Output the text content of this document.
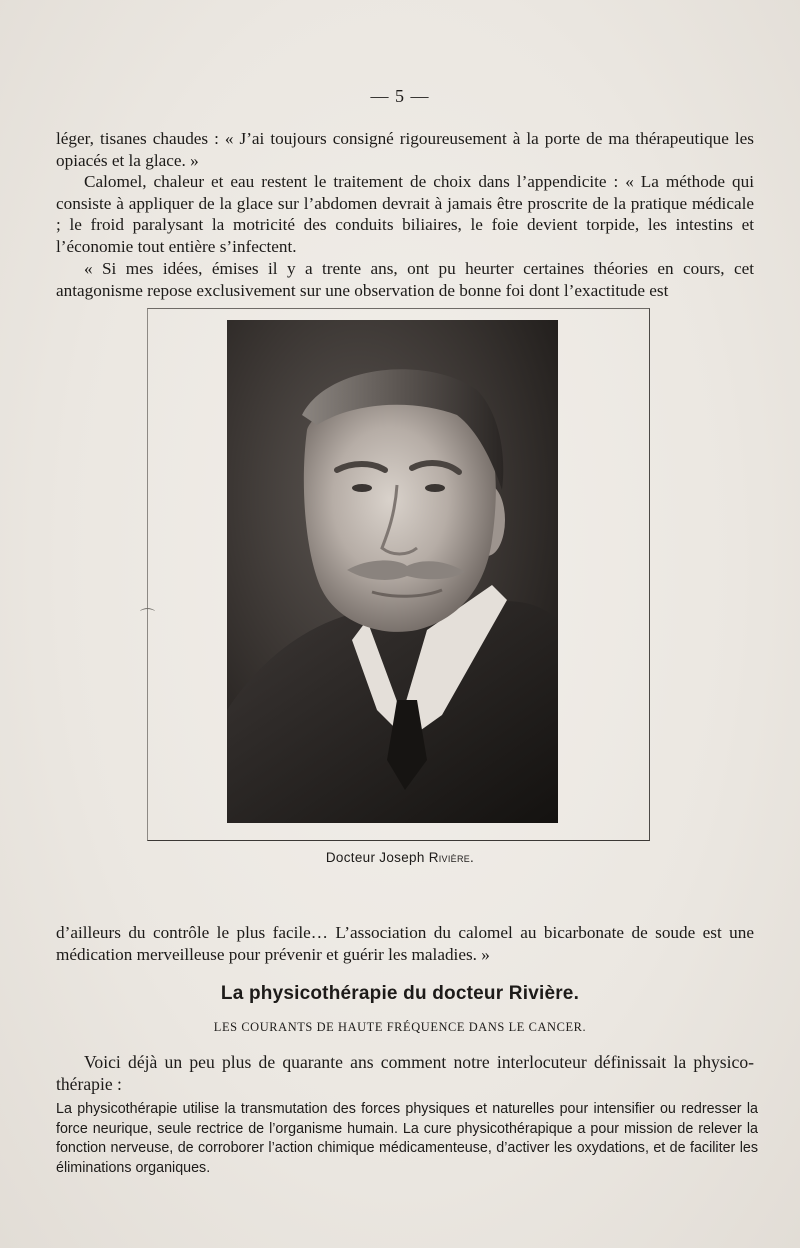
— 5 —
léger, tisanes chaudes : « J’ai toujours consigné rigoureusement à la porte de ma thérapeutique les opiacés et la glace. »
Calomel, chaleur et eau restent le traitement de choix dans l’appendicite : « La méthode qui consiste à appliquer de la glace sur l’abdomen devrait à jamais être proscrite de la pratique médicale ; le froid paralysant la motricité des conduits biliaires, le foie devient torpide, les intestins et l’économie tout entière s’infectent.
« Si mes idées, émises il y a trente ans, ont pu heurter certaines théories en cours, cet antagonisme repose exclusivement sur une observation de bonne foi dont l’exactitude est
⌒
Docteur Joseph Rivière.
d’ailleurs du contrôle le plus facile… L’association du calomel au bicarbonate de soude est une médication merveilleuse pour prévenir et guérir les maladies. »
La physicothérapie du docteur Rivière.
LES COURANTS DE HAUTE FRÉQUENCE DANS LE CANCER.
Voici déjà un peu plus de quarante ans comment notre interlocuteur définissait la physico-thérapie :
La physicothérapie utilise la transmutation des forces physiques et naturelles pour intensifier ou redresser la force neurique, seule rectrice de l’organisme humain. La cure physicothérapique a pour mission de relever la fonction nerveuse, de corroborer l’action chimique médicamenteuse, d’activer les oxydations, et de faciliter les éliminations organiques.
